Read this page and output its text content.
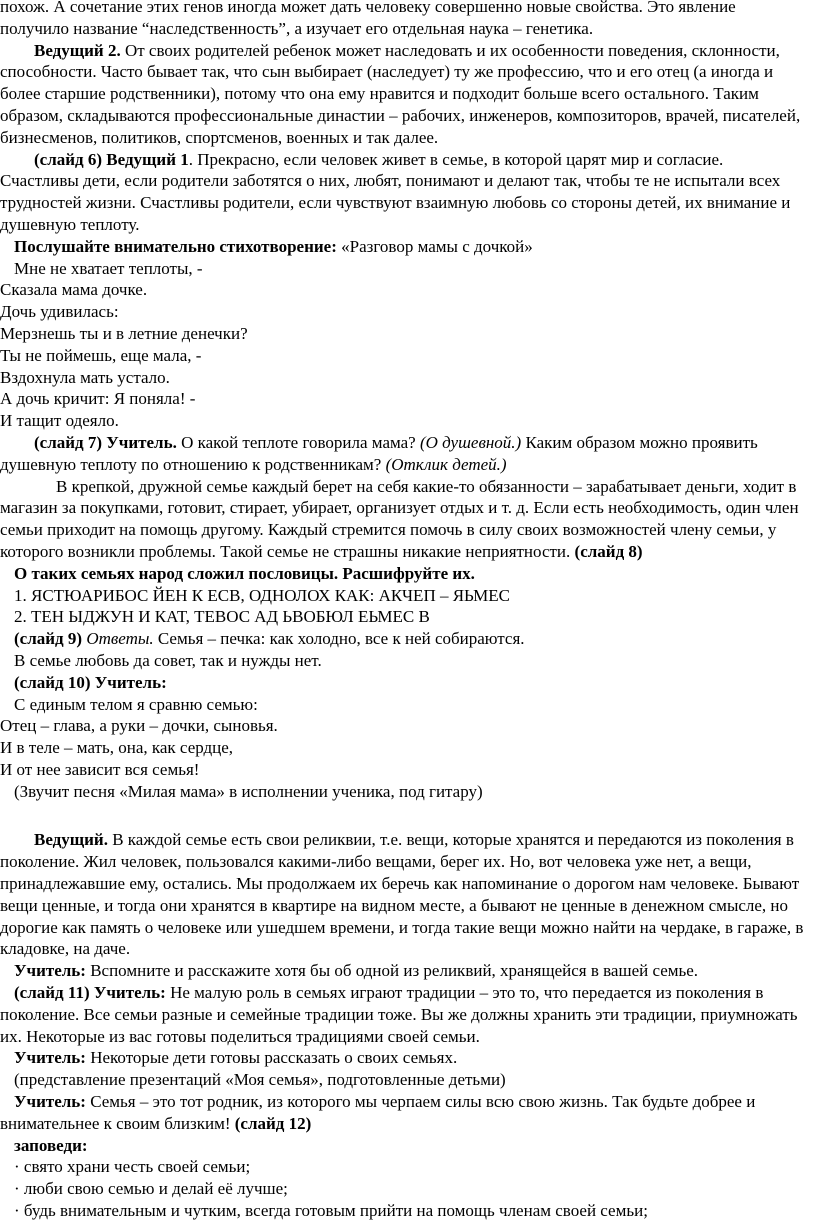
похож. А сочетание этих генов иногда может дать человеку совершенно новые свойства. Это явление получило название “наследственность”, а изучает его отдельная наука – генетика.

Ведущий 2. От своих родителей ребенок может наследовать и их особенности поведения, склонности, способности. Часто бывает так, что сын выбирает (наследует) ту же профессию, что и его отец (а иногда и более старшие родственники), потому что она ему нравится и подходит больше всего остального. Таким образом, складываются профессиональные династии – рабочих, инженеров, композиторов, врачей, писателей, бизнесменов, политиков, спортсменов, военных и так далее.

(слайд 6) Ведущий 1. Прекрасно, если человек живет в семье, в которой царят мир и согласие. Счастливы дети, если родители заботятся о них, любят, понимают и делают так, чтобы те не испытали всех трудностей жизни. Счастливы родители, если чувствуют взаимную любовь со стороны детей, их внимание и душевную теплоту.

Послушайте внимательно стихотворение: «Разговор мамы с дочкой»

Мне не хватает теплоты, -

Сказала мама дочке.

Дочь удивилась:

Мерзнешь ты и в летние денечки?

Ты не поймешь, еще мала, -

Вздохнула мать устало.

А дочь кричит: Я поняла! -

И тащит одеяло.

(слайд 7) Учитель. О какой теплоте говорила мама? (О душевной.) Каким образом можно проявить душевную теплоту по отношению к родственникам? (Отклик детей.)

В крепкой, дружной семье каждый берет на себя какие-то обязанности – зарабатывает деньги, ходит в магазин за покупками, готовит, стирает, убирает, организует отдых и т. д. Если есть необходимость, один член семьи приходит на помощь другому. Каждый стремится помочь в силу своих возможностей члену семьи, у которого возникли проблемы. Такой семье не страшны никакие неприятности. (слайд 8)

О таких семьях народ сложил пословицы. Расшифруйте их.

1. ЯСТЮАРИБОС ЙЕН К ЕСВ, ОДНОЛОХ КАК: АКЧЕП – ЯЬМЕС

2. ТЕН ЫДЖУН И КАТ, ТЕВОС АД ЬВОБЮЛ ЕЬМЕС В

(слайд 9) Ответы. Семья – печка: как холодно, все к ней собираются.

В семье любовь да совет, так и нужды нет.

(слайд 10) Учитель:

С единым телом я сравню семью:

Отец – глава, а руки – дочки, сыновья.

И в теле – мать, она, как сердце,

И от нее зависит вся семья!

(Звучит песня «Милая мама» в исполнении ученика, под гитару)

Ведущий. В каждой семье есть свои реликвии, т.е. вещи, которые хранятся и передаются из поколения в поколение. Жил человек, пользовался какими-либо вещами, берег их. Но, вот человека уже нет, а вещи, принадлежавшие ему, остались. Мы продолжаем их беречь как напоминание о дорогом нам человеке. Бывают вещи ценные, и тогда они хранятся в квартире на видном месте, а бывают не ценные в денежном смысле, но дорогие как память о человеке или ушедшем времени, и тогда такие вещи можно найти на чердаке, в гараже, в кладовке, на даче.

Учитель: Вспомните и расскажите хотя бы об одной из реликвий, хранящейся в вашей семье.

(слайд 11) Учитель: Не малую роль в семьях играют традиции – это то, что передается из поколения в поколение. Все семьи разные и семейные традиции тоже. Вы же должны хранить эти традиции, приумножать их. Некоторые из вас готовы поделиться традициями своей семьи.

Учитель: Некоторые дети готовы рассказать о своих семьях.

(представление презентаций «Моя семья», подготовленные детьми)

Учитель: Семья – это тот родник, из которого мы черпаем силы всю свою жизнь. Так будьте добрее и внимательнее к своим близким! (слайд 12)

заповеди:

· свято храни честь своей семьи;

· люби свою семью и делай её лучше;

· будь внимательным и чутким, всегда готовым прийти на помощь членам своей семьи;
